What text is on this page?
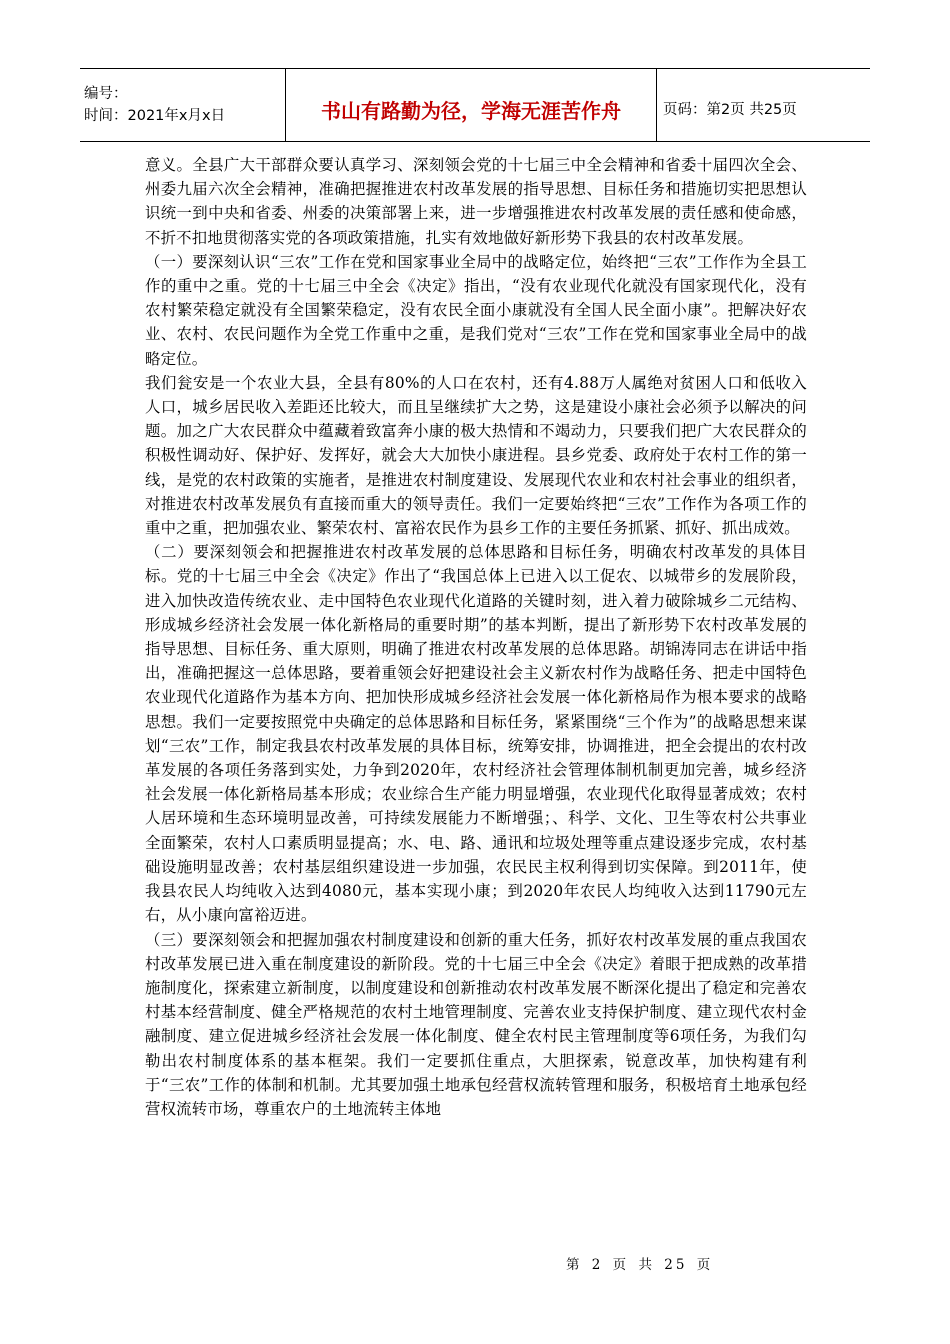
编号：
时间：2021年x月x日	书山有路勤为径，学海无涯苦作舟	页码：第2页 共25页

意义。全县广大干部群众要认真学习、深刻领会党的十七届三中全会精神和省委十届四次全会、州委九届六次全会精神，准确把握推进农村改革发展的指导思想、目标任务和措施切实把思想认识统一到中央和省委、州委的决策部署上来，进一步增强推进农村改革发展的责任感和使命感，不折不扣地贯彻落实党的各项政策措施，扎实有效地做好新形势下我县的农村改革发展。

（一）要深刻认识“三农”工作在党和国家事业全局中的战略定位，始终把“三农”工作作为全县工作的重中之重。党的十七届三中全会《决定》指出，“没有农业现代化就没有国家现代化，没有农村繁荣稳定就没有全国繁荣稳定，没有农民全面小康就没有全国人民全面小康”。把解决好农业、农村、农民问题作为全党工作重中之重，是我们党对“三农”工作在党和国家事业全局中的战略定位。

我们瓮安是一个农业大县，全县有80%的人口在农村，还有4.88万人属绝对贫困人口和低收入人口，城乡居民收入差距还比较大，而且呈继续扩大之势，这是建设小康社会必须予以解决的问题。加之广大农民群众中蕴藏着致富奔小康的极大热情和不竭动力，只要我们把广大农民群众的积极性调动好、保护好、发挥好，就会大大加快小康进程。县乡党委、政府处于农村工作的第一线，是党的农村政策的实施者，是推进农村制度建设、发展现代农业和农村社会事业的组织者，对推进农村改革发展负有直接而重大的领导责任。我们一定要始终把“三农”工作作为各项工作的重中之重，把加强农业、繁荣农村、富裕农民作为县乡工作的主要任务抓紧、抓好、抓出成效。

（二）要深刻领会和把握推进农村改革发展的总体思路和目标任务，明确农村改革发的具体目标。党的十七届三中全会《决定》作出了“我国总体上已进入以工促农、以城带乡的发展阶段，进入加快改造传统农业、走中国特色农业现代化道路的关键时刻，进入着力破除城乡二元结构、形成城乡经济社会发展一体化新格局的重要时期”的基本判断，提出了新形势下农村改革发展的指导思想、目标任务、重大原则，明确了推进农村改革发展的总体思路。胡锦涛同志在讲话中指出，准确把握这一总体思路，要着重领会好把建设社会主义新农村作为战略任务、把走中国特色农业现代化道路作为基本方向、把加快形成城乡经济社会发展一体化新格局作为根本要求的战略思想。我们一定要按照党中央确定的总体思路和目标任务，紧紧围绕“三个作为”的战略思想来谋划“三农”工作，制定我县农村改革发展的具体目标，统筹安排，协调推进，把全会提出的农村改革发展的各项任务落到实处，力争到2020年，农村经济社会管理体制机制更加完善，城乡经济社会发展一体化新格局基本形成；农业综合生产能力明显增强，农业现代化取得显著成效；农村人居环境和生态环境明显改善，可持续发展能力不断增强；、科学、文化、卫生等农村公共事业全面繁荣，农村人口素质明显提高；水、电、路、通讯和垃圾处理等重点建设逐步完成，农村基础设施明显改善；农村基层组织建设进一步加强，农民民主权利得到切实保障。到2011年，使我县农民人均纯收入达到4080元，基本实现小康；到2020年农民人均纯收入达到11790元左右，从小康向富裕迈进。

（三）要深刻领会和把握加强农村制度建设和创新的重大任务，抓好农村改革发展的重点我国农村改革发展已进入重在制度建设的新阶段。党的十七届三中全会《决定》着眼于把成熟的改革措施制度化，探索建立新制度，以制度建设和创新推动农村改革发展不断深化提出了稳定和完善农村基本经营制度、健全严格规范的农村土地管理制度、完善农业支持保护制度、建立现代农村金融制度、建立促进城乡经济社会发展一体化制度、健全农村民主管理制度等6项任务，为我们勾勒出农村制度体系的基本框架。我们一定要抓住重点，大胆探索，锐意改革，加快构建有利于“三农”工作的体制和机制。尤其要加强土地承包经营权流转管理和服务，积极培育土地承包经营权流转市场，尊重农户的土地流转主体地

第 2 页 共 25 页
